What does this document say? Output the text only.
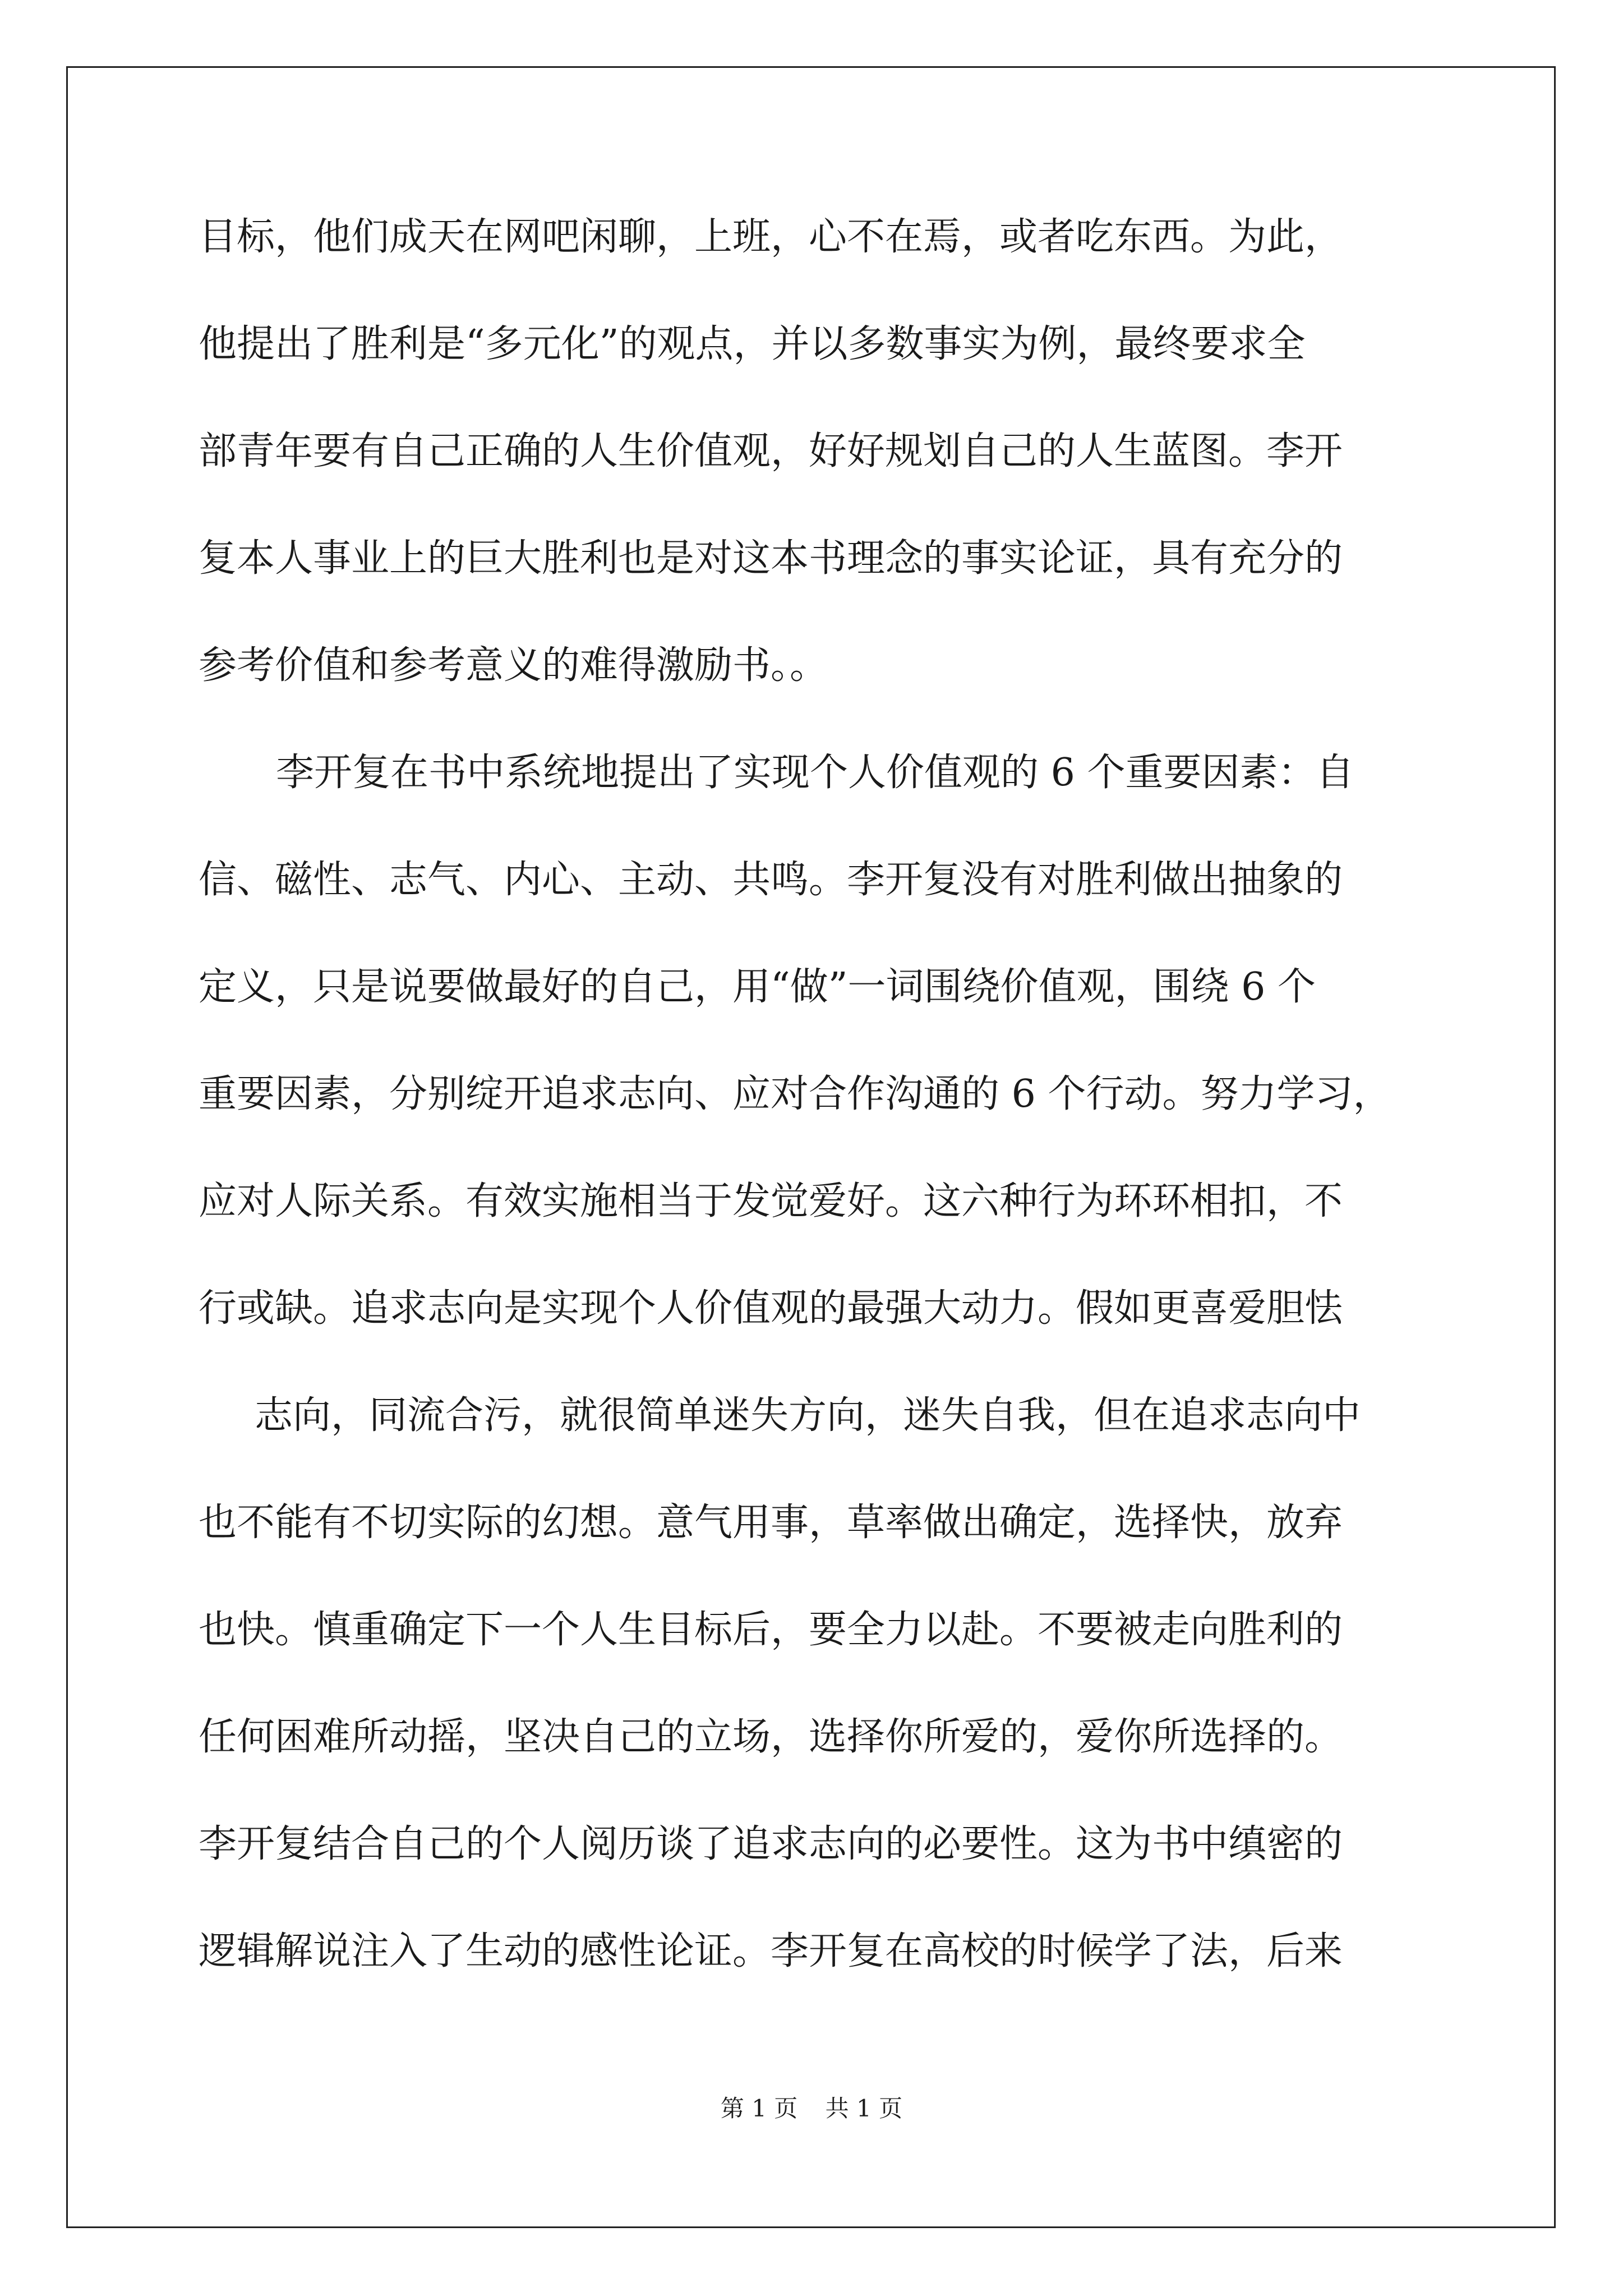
目标，他们成天在网吧闲聊，上班，心不在焉，或者吃东西。为此，
他提出了胜利是“多元化”的观点，并以多数事实为例，最终要求全
部青年要有自己正确的人生价值观，好好规划自己的人生蓝图。李开
复本人事业上的巨大胜利也是对这本书理念的事实论证，具有充分的
参考价值和参考意义的难得激励书。。
李开复在书中系统地提出了实现个人价值观的 6 个重要因素：自
信、磁性、志气、内心、主动、共鸣。李开复没有对胜利做出抽象的
定义，只是说要做最好的自己，用“做”一词围绕价值观，围绕 6 个
重要因素，分别绽开追求志向、应对合作沟通的 6 个行动。努力学习，
应对人际关系。有效实施相当于发觉爱好。这六种行为环环相扣，不
行或缺。追求志向是实现个人价值观的最强大动力。假如更喜爱胆怯
志向，同流合污，就很简单迷失方向，迷失自我，但在追求志向中
也不能有不切实际的幻想。意气用事，草率做出确定，选择快，放弃
也快。慎重确定下一个人生目标后，要全力以赴。不要被走向胜利的
任何困难所动摇，坚决自己的立场，选择你所爱的，爱你所选择的。
李开复结合自己的个人阅历谈了追求志向的必要性。这为书中缜密的
逻辑解说注入了生动的感性论证。李开复在高校的时候学了法，后来
第 1 页 共 1 页
